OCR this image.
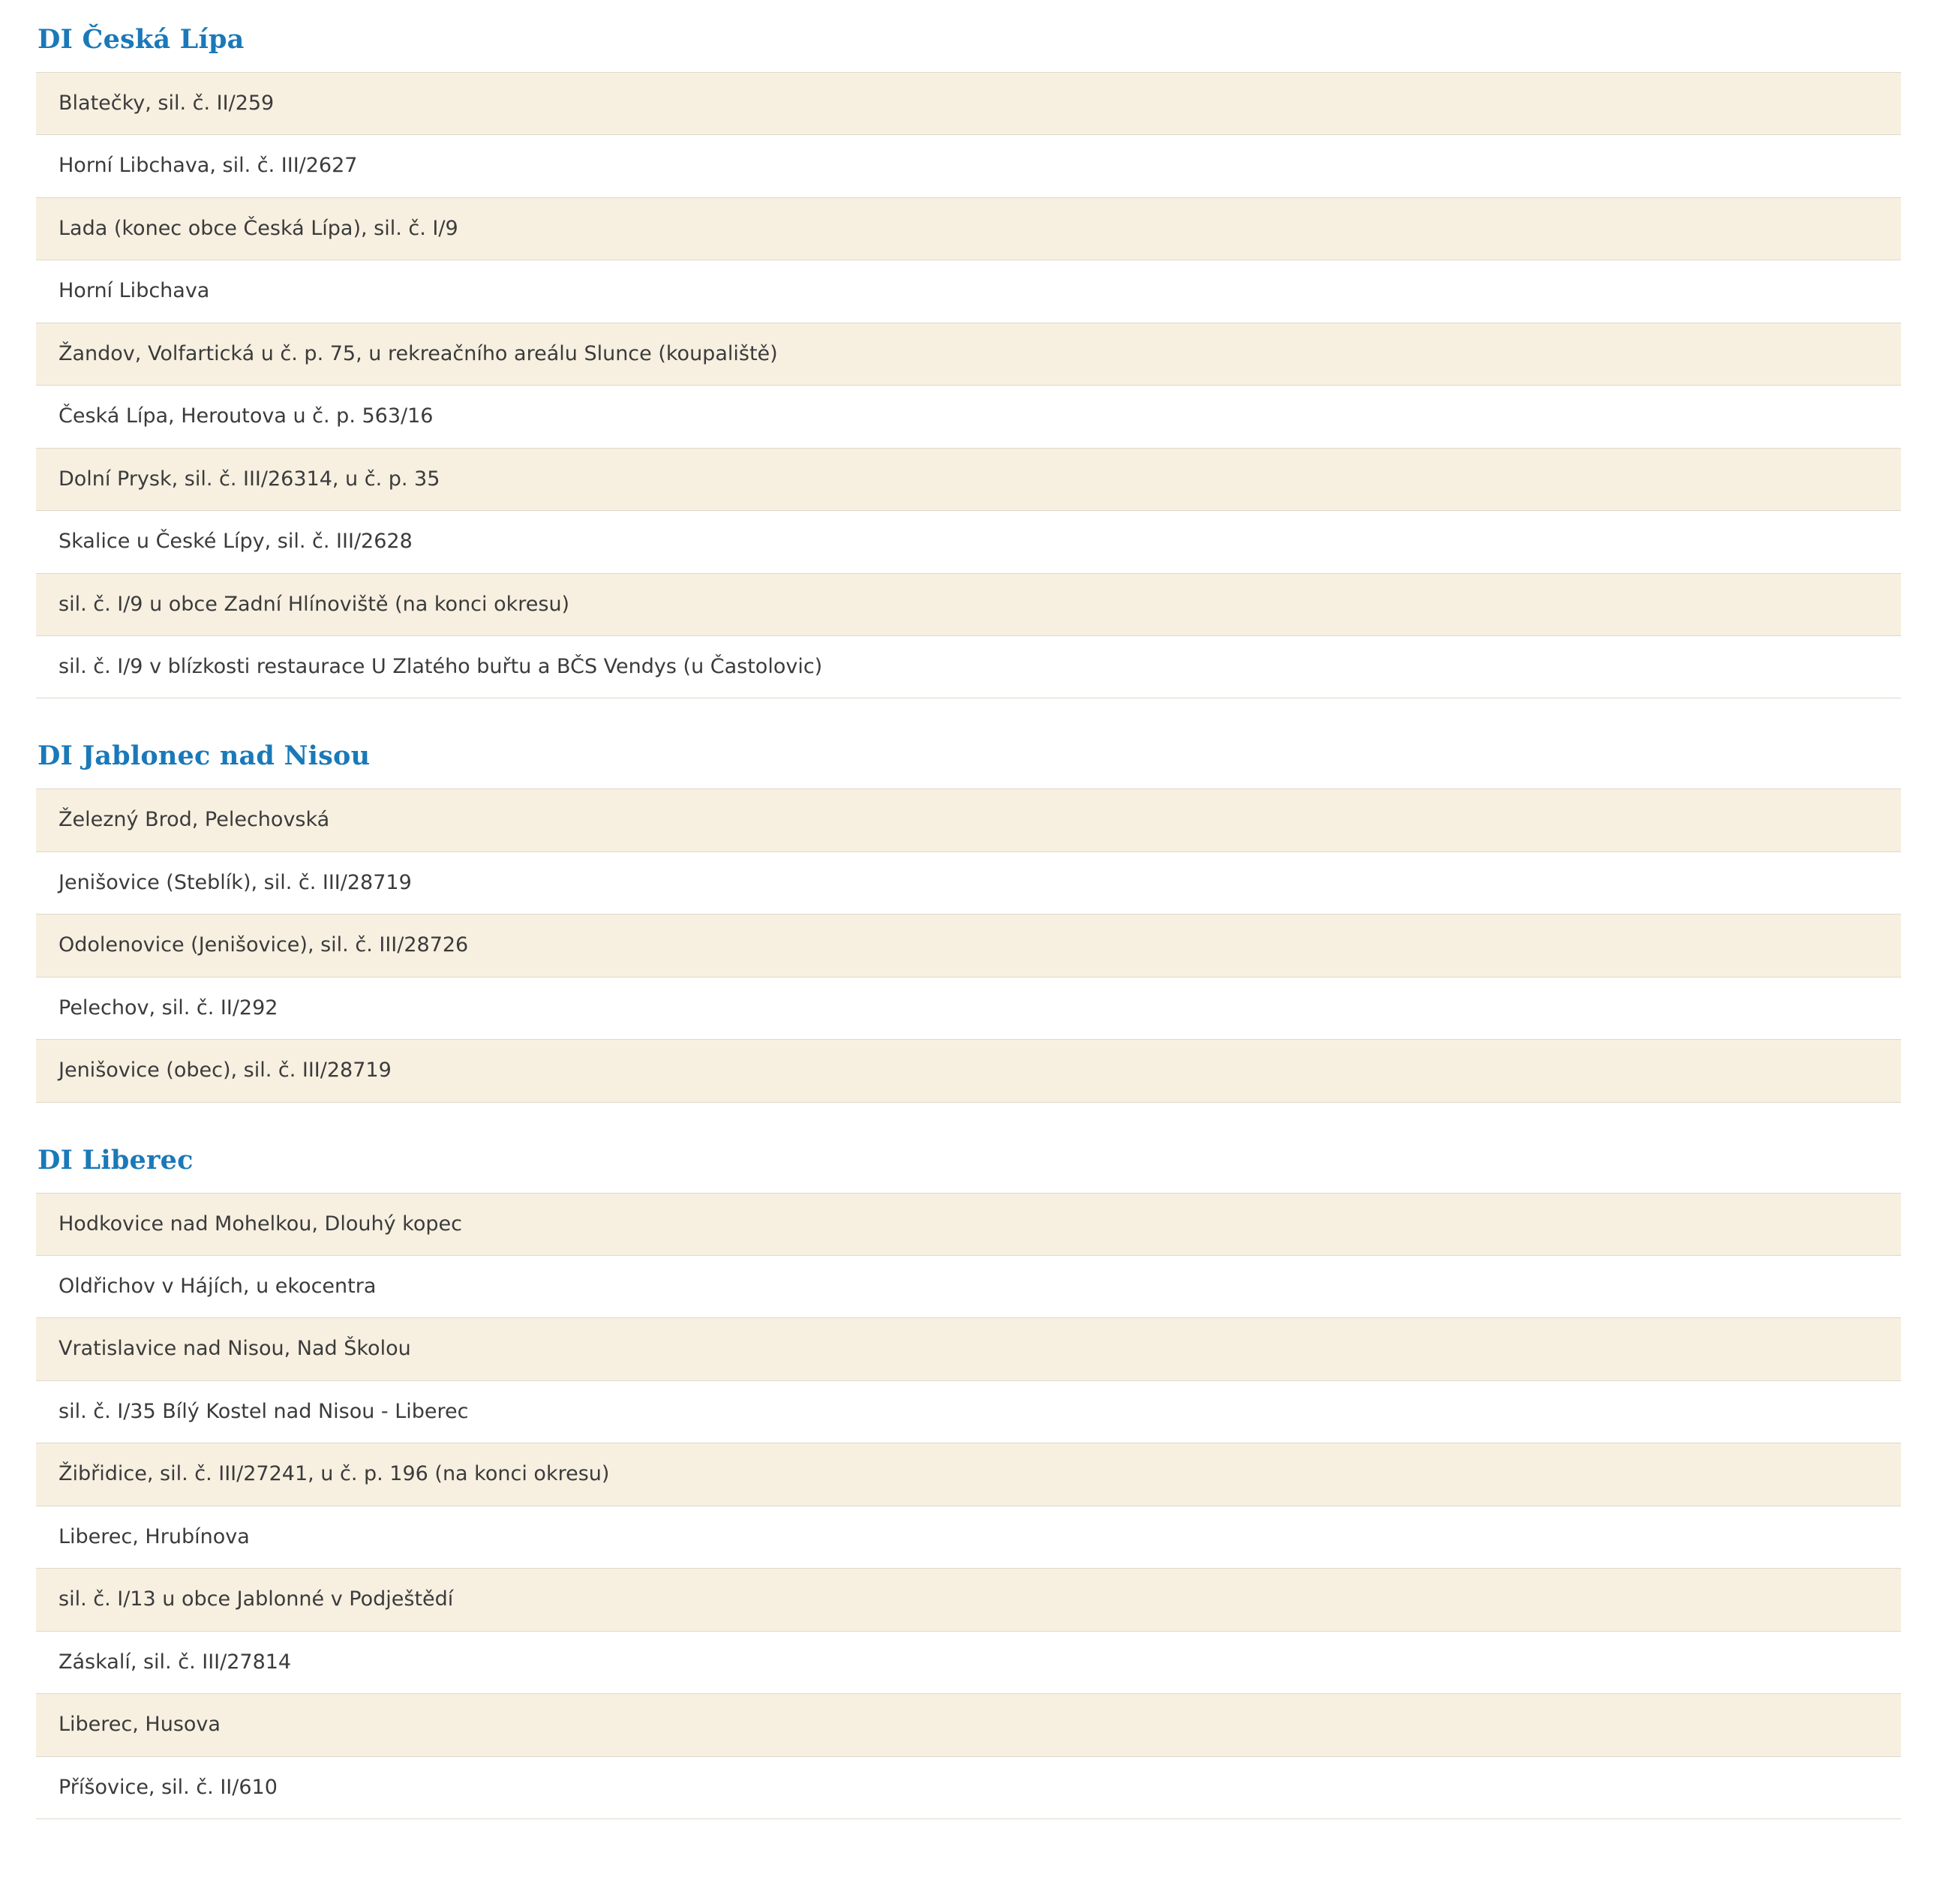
DI Česká Lípa
Blatečky, sil. č. II/259
Horní Libchava, sil. č. III/2627
Lada (konec obce Česká Lípa), sil. č. I/9
Horní Libchava
Žandov, Volfartická u č. p. 75, u rekreačního areálu Slunce (koupaliště)
Česká Lípa, Heroutova u č. p. 563/16
Dolní Prysk, sil. č. III/26314, u č. p. 35
Skalice u České Lípy, sil. č. III/2628
sil. č. I/9 u obce Zadní Hlínoviště (na konci okresu)
sil. č. I/9 v blízkosti restaurace U Zlatého buřtu a BČS Vendys (u Častolovic)
DI Jablonec nad Nisou
Železný Brod, Pelechovská
Jenišovice (Steblík), sil. č. III/28719
Odolenovice (Jenišovice), sil. č. III/28726
Pelechov, sil. č. II/292
Jenišovice (obec), sil. č. III/28719
DI Liberec
Hodkovice nad Mohelkou, Dlouhý kopec
Oldřichov v Hájích, u ekocentra
Vratislavice nad Nisou, Nad Školou
sil. č. I/35 Bílý Kostel nad Nisou - Liberec
Žibřidice, sil. č. III/27241, u č. p. 196 (na konci okresu)
Liberec, Hrubínova
sil. č. I/13 u obce Jablonné v Podještědí
Záskalí, sil. č. III/27814
Liberec, Husova
Příšovice, sil. č. II/610
